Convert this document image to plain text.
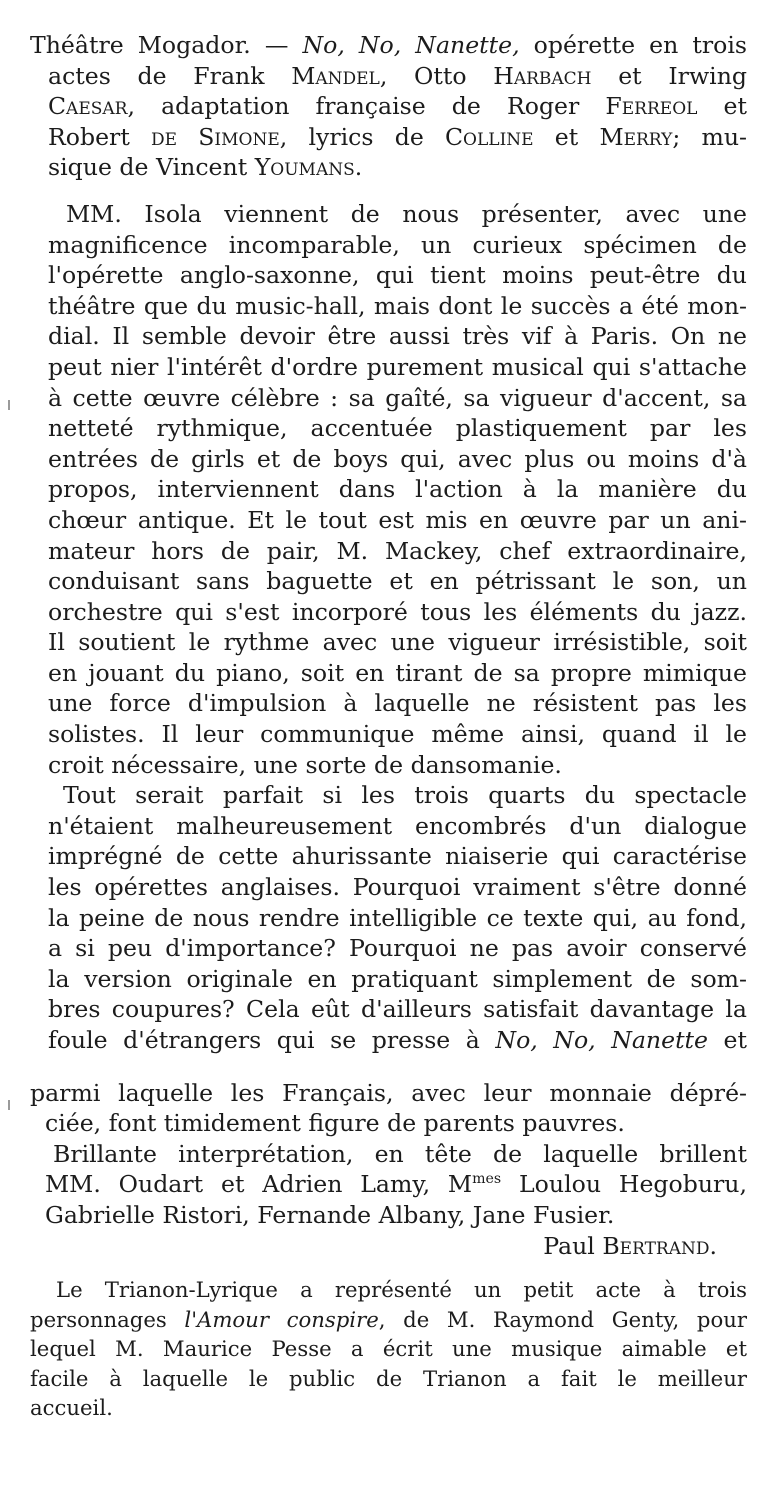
Théâtre Mogador. — No, No, Nanette, opérette en trois
actes de Frank Mandel, Otto Harbach et Irwing
Caesar, adaptation française de Roger Ferreol et
Robert de Simone, lyrics de Colline et Merry; mu-
sique de Vincent Youmans.
MM. Isola viennent de nous présenter, avec une
magnificence incomparable, un curieux spécimen de
l'opérette anglo-saxonne, qui tient moins peut-être du
théâtre que du music-hall, mais dont le succès a été mon-
dial. Il semble devoir être aussi très vif à Paris. On ne
peut nier l'intérêt d'ordre purement musical qui s'attache
à cette œuvre célèbre : sa gaîté, sa vigueur d'accent, sa
netteté rythmique, accentuée plastiquement par les
entrées de girls et de boys qui, avec plus ou moins d'à
propos, interviennent dans l'action à la manière du
chœur antique. Et le tout est mis en œuvre par un ani-
mateur hors de pair, M. Mackey, chef extraordinaire,
conduisant sans baguette et en pétrissant le son, un
orchestre qui s'est incorporé tous les éléments du jazz.
Il soutient le rythme avec une vigueur irrésistible, soit
en jouant du piano, soit en tirant de sa propre mimique
une force d'impulsion à laquelle ne résistent pas les
solistes. Il leur communique même ainsi, quand il le
croit nécessaire, une sorte de dansomanie.
Tout serait parfait si les trois quarts du spectacle
n'étaient malheureusement encombrés d'un dialogue
imprégné de cette ahurissante niaiserie qui caractérise
les opérettes anglaises. Pourquoi vraiment s'être donné
la peine de nous rendre intelligible ce texte qui, au fond,
a si peu d'importance? Pourquoi ne pas avoir conservé
la version originale en pratiquant simplement de som-
bres coupures? Cela eût d'ailleurs satisfait davantage la
foule d'étrangers qui se presse à No, No, Nanette et
parmi laquelle les Français, avec leur monnaie dépré-
ciée, font timidement figure de parents pauvres.
Brillante interprétation, en tête de laquelle brillent
MM. Oudart et Adrien Lamy, $M^{mes}$ Loulou Hegoburu,
Gabrielle Ristori, Fernande Albany, Jane Fusier.
Paul Bertrand.
Le Trianon-Lyrique a représenté un petit acte à trois
personnages l'Amour conspire, de M. Raymond Genty, pour
lequel M. Maurice Pesse a écrit une musique aimable et
facile à laquelle le public de Trianon a fait le meilleur
accueil.
